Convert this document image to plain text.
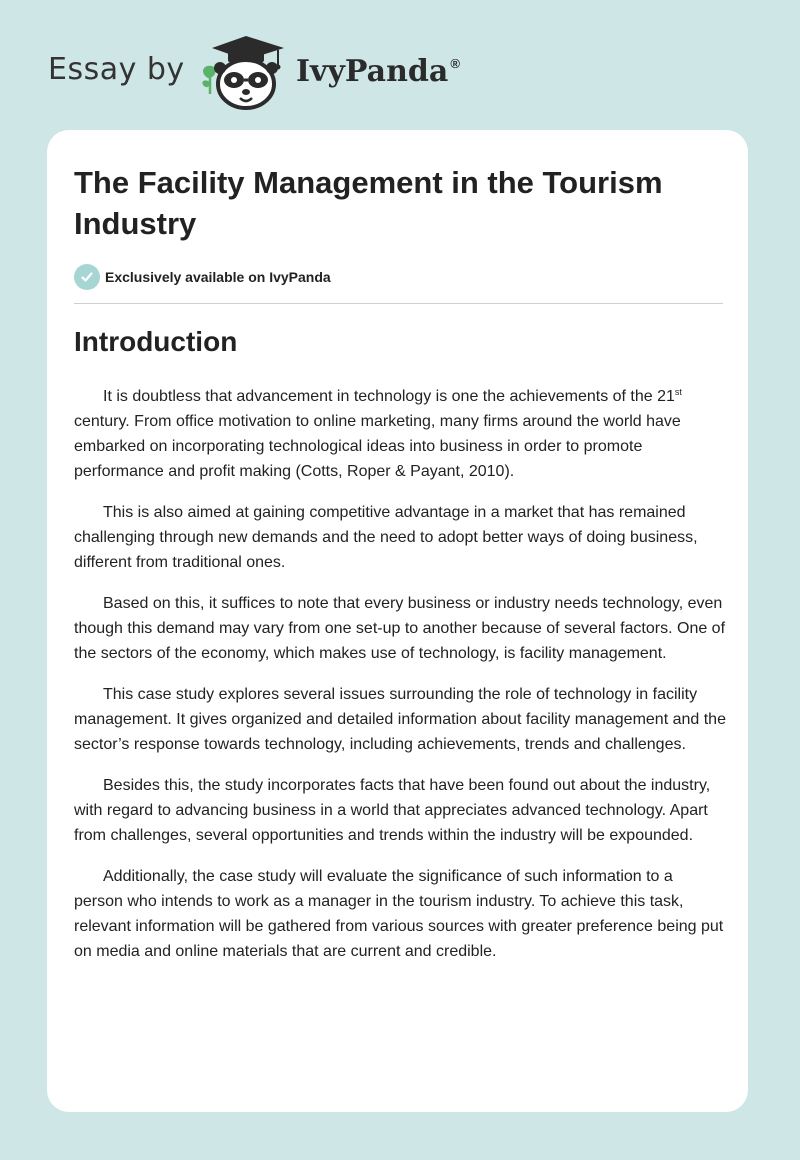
Essay by	IvyPanda ®
The Facility Management in the Tourism Industry
Exclusively available on IvyPanda
Introduction

It is doubtless that advancement in technology is one the achievements of the 21st century. From office motivation to online marketing, many firms around the world have embarked on incorporating technological ideas into business in order to promote performance and profit making (Cotts, Roper & Payant, 2010).

This is also aimed at gaining competitive advantage in a market that has remained challenging through new demands and the need to adopt better ways of doing business, different from traditional ones.

Based on this, it suffices to note that every business or industry needs technology, even though this demand may vary from one set-up to another because of several factors. One of the sectors of the economy, which makes use of technology, is facility management.

This case study explores several issues surrounding the role of technology in facility management. It gives organized and detailed information about facility management and the sector’s response towards technology, including achievements, trends and challenges.

Besides this, the study incorporates facts that have been found out about the industry, with regard to advancing business in a world that appreciates advanced technology. Apart from challenges, several opportunities and trends within the industry will be expounded.

Additionally, the case study will evaluate the significance of such information to a person who intends to work as a manager in the tourism industry. To achieve this task, relevant information will be gathered from various sources with greater preference being put on media and online materials that are current and credible.
